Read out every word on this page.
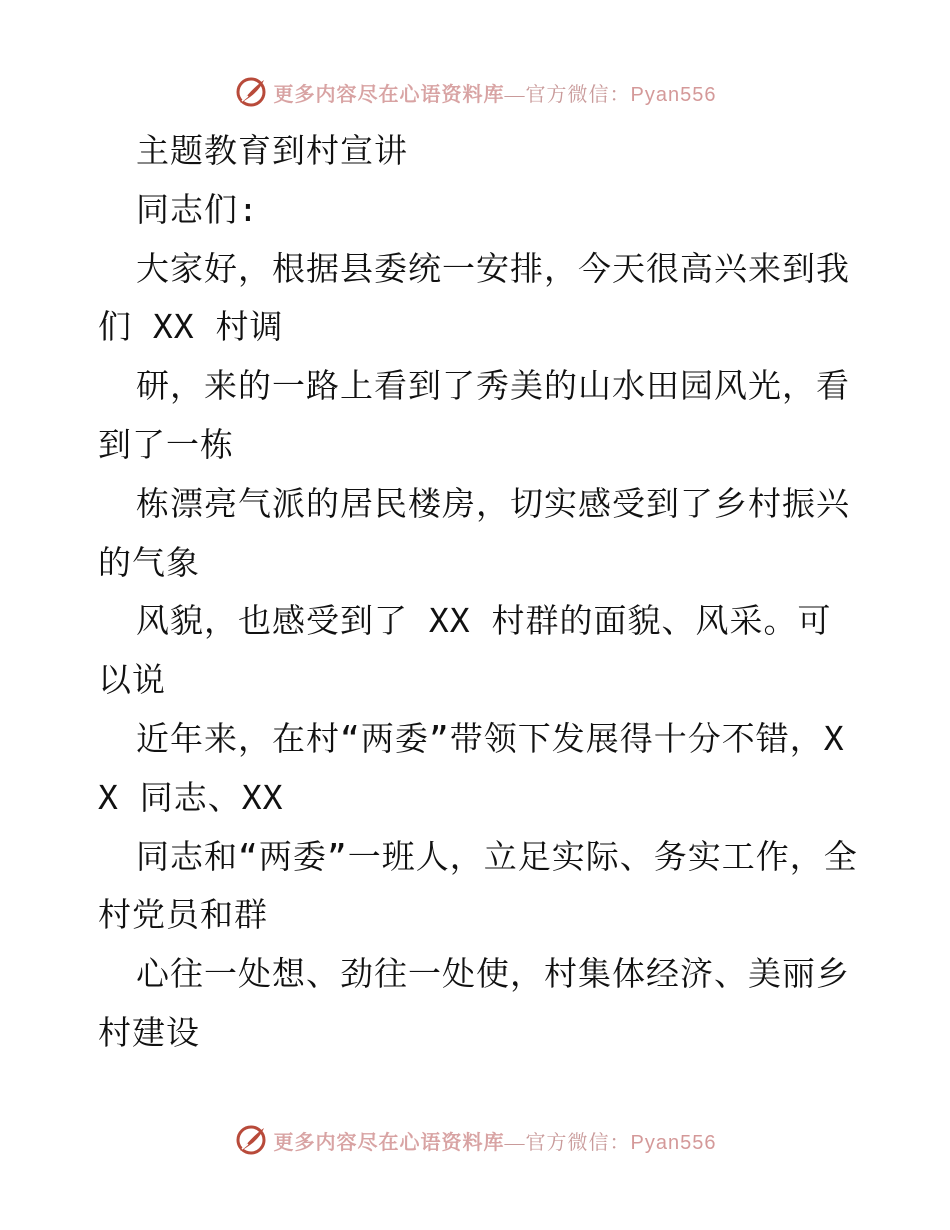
更多内容尽在心语资料库—官方微信：Pyan556

主题教育到村宣讲

同志们:

大家好，根据县委统一安排，今天很高兴来到我们 XX 村调

研，来的一路上看到了秀美的山水田园风光，看到了一栋

栋漂亮气派的居民楼房，切实感受到了乡村振兴的气象

风貌，也感受到了 XX 村群的面貌、风采。可以说

近年来，在村“两委”带领下发展得十分不错，XX 同志、XX

同志和“两委”一班人，立足实际、务实工作，全村党员和群

心往一处想、劲往一处使，村集体经济、美丽乡村建设

更多内容尽在心语资料库—官方微信：Pyan556
